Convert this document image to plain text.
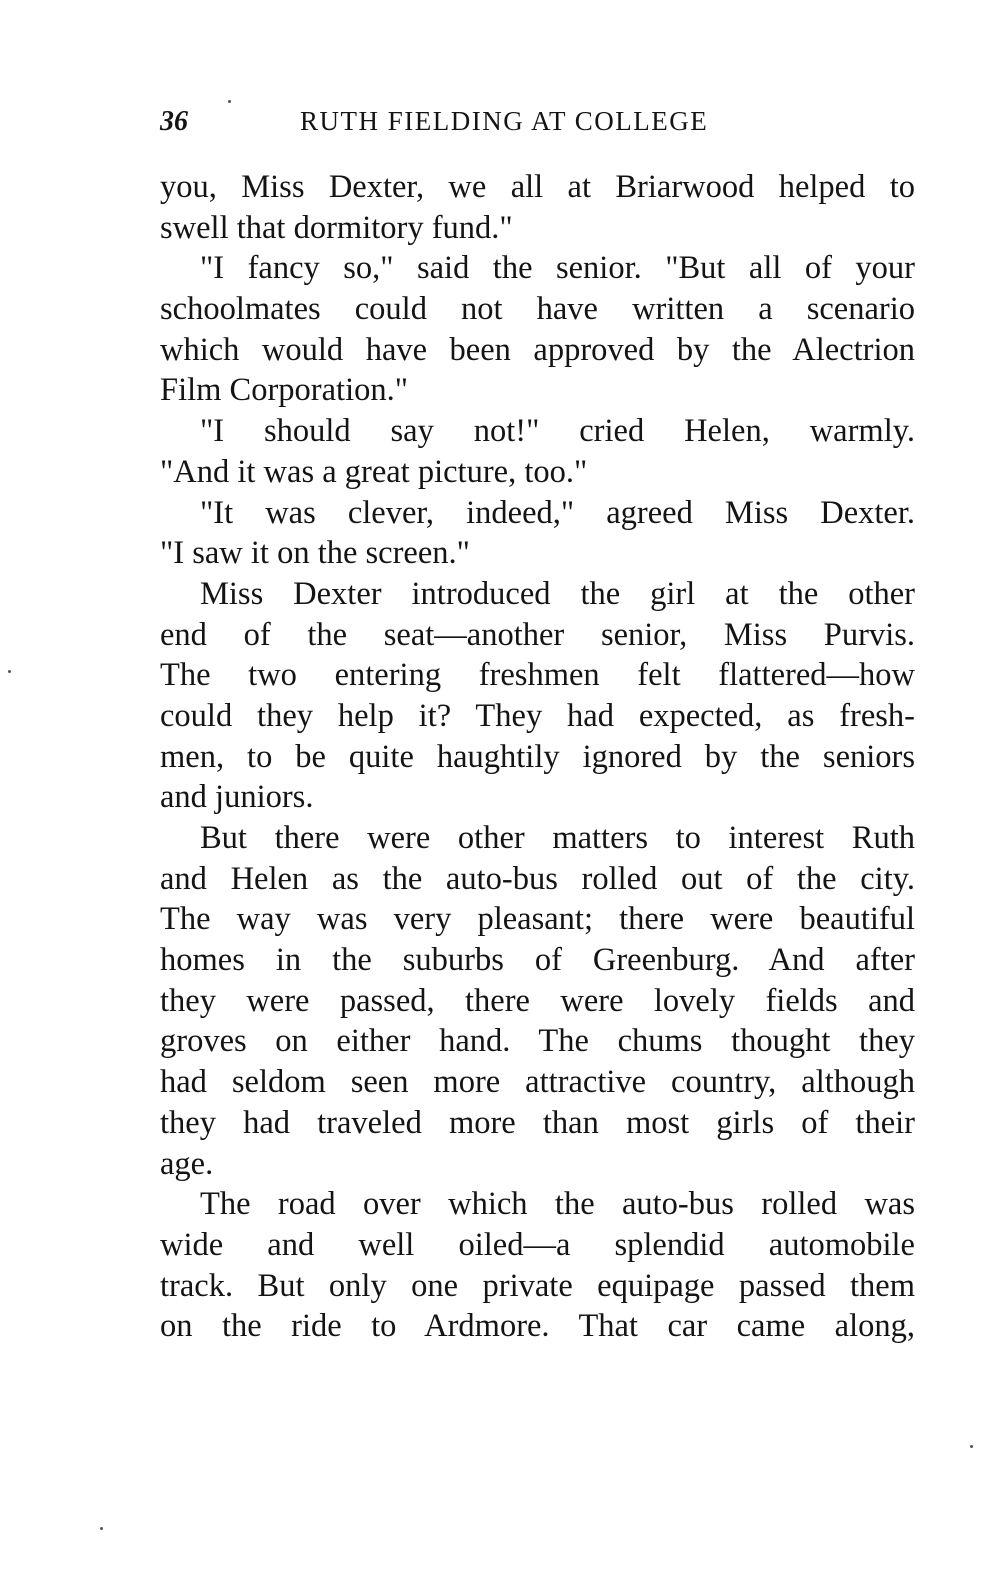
36	RUTH FIELDING AT COLLEGE
you, Miss Dexter, we all at Briarwood helped to
swell that dormitory fund."
"I fancy so," said the senior. "But all of your
schoolmates could not have written a scenario
which would have been approved by the Alectrion
Film Corporation."
"I should say not!" cried Helen, warmly.
"And it was a great picture, too."
"It was clever, indeed," agreed Miss Dexter.
"I saw it on the screen."
Miss Dexter introduced the girl at the other
end of the seat—another senior, Miss Purvis.
The two entering freshmen felt flattered—how
could they help it? They had expected, as fresh-
men, to be quite haughtily ignored by the seniors
and juniors.
But there were other matters to interest Ruth
and Helen as the auto-bus rolled out of the city.
The way was very pleasant; there were beautiful
homes in the suburbs of Greenburg. And after
they were passed, there were lovely fields and
groves on either hand. The chums thought they
had seldom seen more attractive country, although
they had traveled more than most girls of their
age.
The road over which the auto-bus rolled was
wide and well oiled—a splendid automobile
track. But only one private equipage passed them
on the ride to Ardmore. That car came along,
